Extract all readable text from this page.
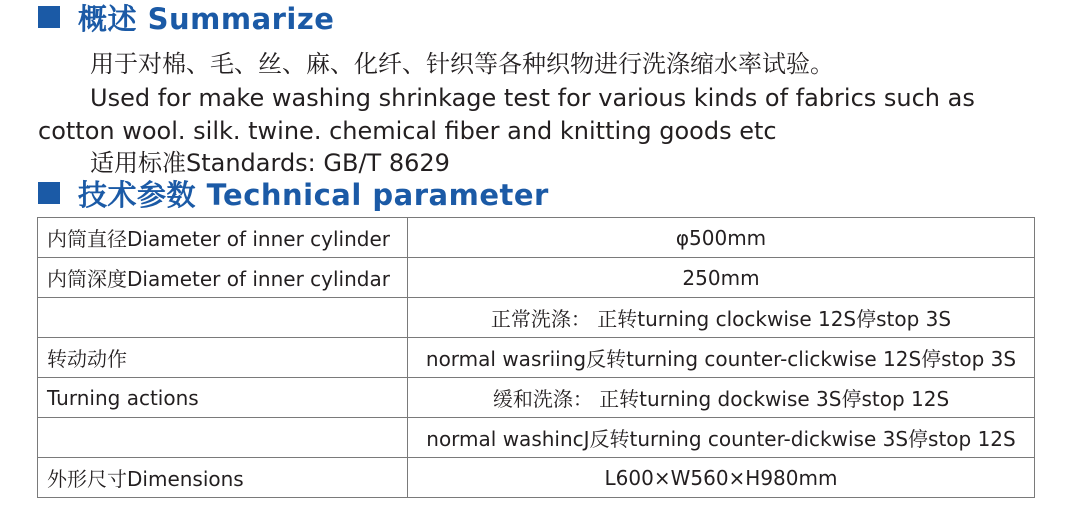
概述 Summarize
用于对棉、毛、丝、麻、化纤、针织等各种织物进行洗涤缩水率试验。
Used for make washing shrinkage test for various kinds of fabrics such as
cotton wool. silk. twine. chemical fiber and knitting goods etc
适用标准Standards: GB/T 8629
技术参数 Technical parameter
内筒直径Diameter of inner cylinder	φ500mm
内筒深度Diameter of inner cylindar	250mm
	正常洗涤： 正转turning clockwise 12S停stop 3S
转动动作	normal wasriing反转turning counter-clickwise 12S停stop 3S
Turning actions	缓和洗涤： 正转turning dockwise 3S停stop 12S
	normal washincJ反转turning counter-dickwise 3S停stop 12S
外形尺寸Dimensions	L600×W560×H980mm
